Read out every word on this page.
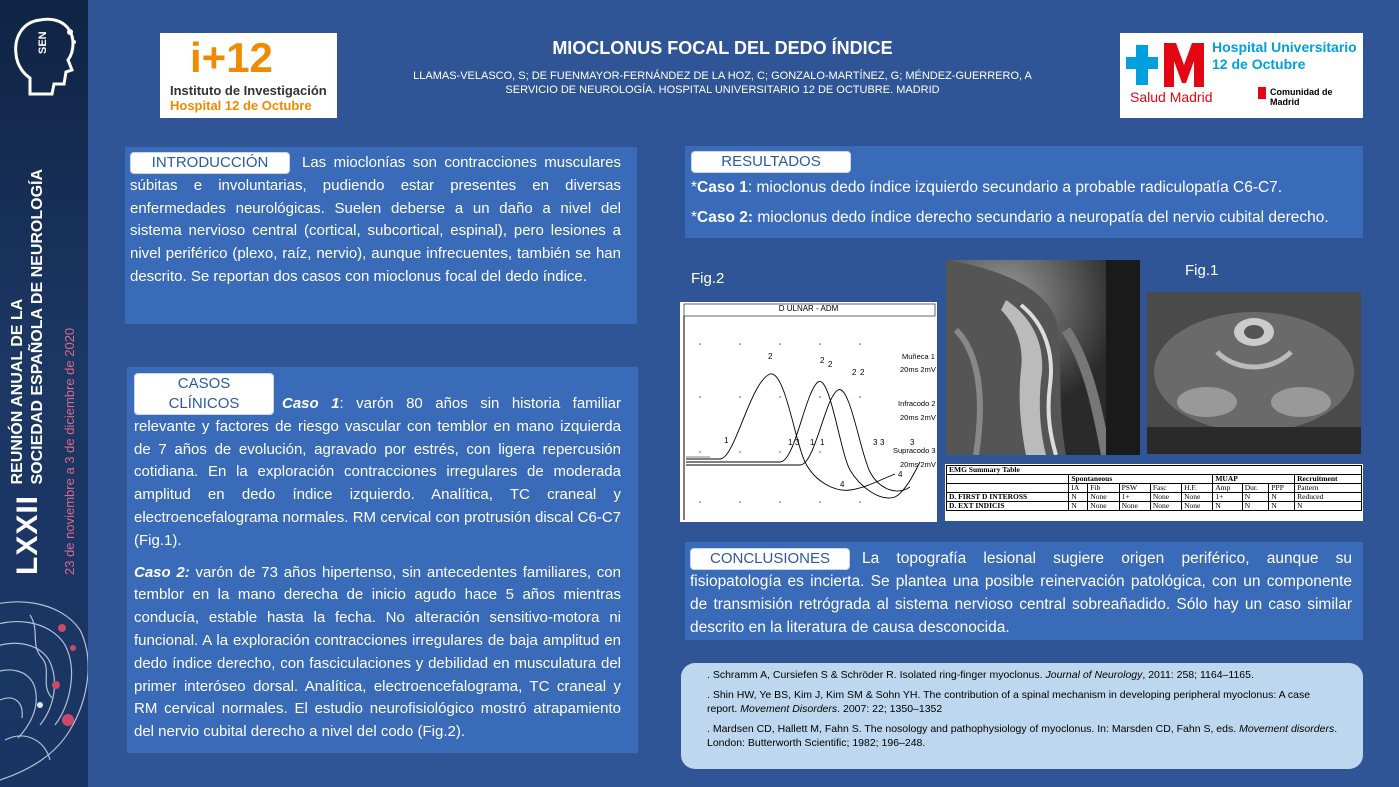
SEN
LXXII
REUNIÓN ANUAL DE LA SOCIEDAD ESPAÑOLA DE NEUROLOGÍA 23 de noviembre a 3 de diciembre de 2020
i+12
Instituto de Investigación
Hospital 12 de Octubre
Salud Madrid
Hospital Universitario
12 de Octubre
Comunidad de Madrid
MIOCLONUS FOCAL DEL DEDO ÍNDICE
LLAMAS-VELASCO, S; DE FUENMAYOR-FERNÁNDEZ DE LA HOZ, C; GONZALO-MARTÍNEZ, G; MÉNDEZ-GUERRERO, A
SERVICIO DE NEUROLOGÍA. HOSPITAL UNIVERSITARIO 12 DE OCTUBRE. MADRID
INTRODUCCIÓN Las mioclonías son contracciones musculares súbitas e involuntarias, pudiendo estar presentes en diversas enfermedades neurológicas. Suelen deberse a un daño a nivel del sistema nervioso central (cortical, subcortical, espinal), pero lesiones a nivel periférico (plexo, raíz, nervio), aunque infrecuentes, también se han descrito. Se reportan dos casos con mioclonus focal del dedo índice.

CASOS CLÍNICOS	Caso 1: varón 80 años sin historia familiar relevante y factores de riesgo vascular con temblor en mano izquierda de 7 años de evolución, agravado por estrés, con ligera repercusión cotidiana. En la exploración contracciones irregulares de moderada amplitud en dedo índice izquierdo. Analítica, TC craneal y electroencefalograma normales. RM cervical con protrusión discal C6-C7 (Fig.1).

Caso 2: varón de 73 años hipertenso, sin antecedentes familiares, con temblor en la mano derecha de inicio agudo hace 5 años mientras conducía, estable hasta la fecha. No alteración sensitivo-motora ni funcional. A la exploración contracciones irregulares de baja amplitud en dedo índice derecho, con fasciculaciones y debilidad en musculatura del primer interóseo dorsal. Analítica, electroencefalograma, TC craneal y RM cervical normales. El estudio neurofisiológico mostró atrapamiento del nervio cubital derecho a nivel del codo (Fig.2).

RESULTADOS
*Caso 1: mioclonus dedo índice izquierdo secundario a probable radiculopatía C6-C7.
*Caso 2: mioclonus dedo índice derecho secundario a neuropatía del nervio cubital derecho.
Fig.2	Fig.1
2	2 2
2 2
1	1 3 1 1	3 3	3
4
4
D ULNAR - ADM
Muñeca 1
20ms 2mV
Infracodo 2
20ms 2mV
Supracodo 3
20ms 2mV
EMG Summary Table									
	Spontaneous					MUAP			Recruitment
	IA	Fib	PSW	Fasc	H.F.	Amp	Dur.	PPP	Pattern
D. FIRST D INTEROSS	N	None	1+	None	None	1+	N	N	Reduced
D. EXT INDICIS	N	None	None	None	None	N	N	N	N
CONCLUSIONES La topografía lesional sugiere origen periférico, aunque su fisiopatología es incierta. Se plantea una posible reinervación patológica, con un componente de transmisión retrógrada al sistema nervioso central sobreañadido. Sólo hay un caso similar descrito en la literatura de causa desconocida.

. Schramm A, Cursiefen S & Schröder R. Isolated ring-finger myoclonus. Journal of Neurology, 2011: 258; 1164–1165.

. Shin HW, Ye BS, Kim J, Kim SM & Sohn YH. The contribution of a spinal mechanism in developing peripheral myoclonus: A case report. Movement Disorders. 2007: 22; 1350–1352

. Mardsen CD, Hallett M, Fahn S. The nosology and pathophysiology of myoclonus. In: Marsden CD, Fahn S, eds. Movement disorders. London: Butterworth Scientific; 1982; 196–248.
